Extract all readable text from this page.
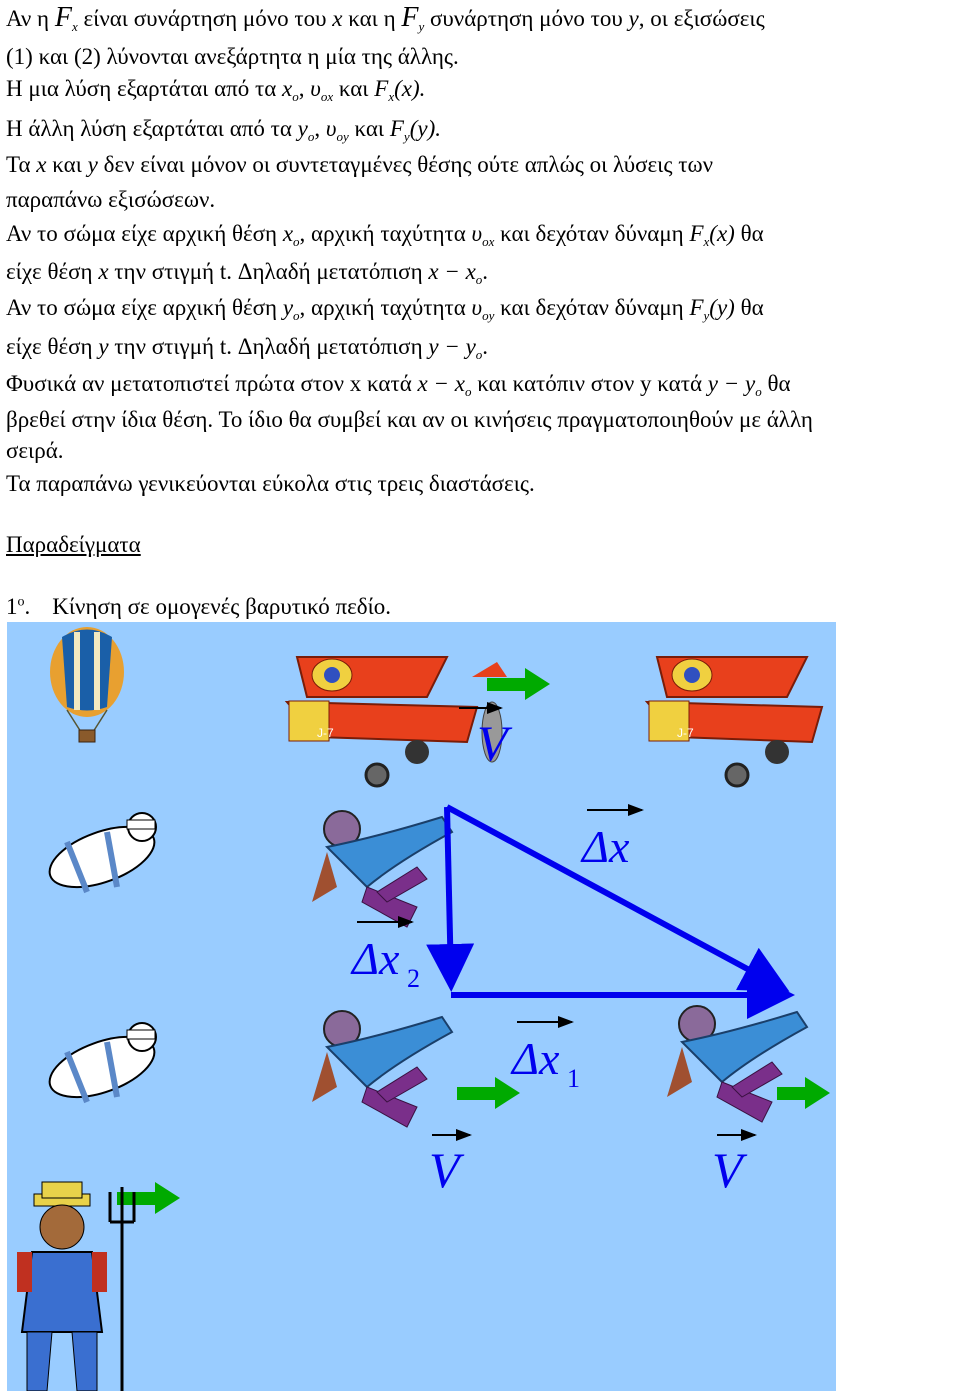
Αν η $F_x$ είναι συνάρτηση μόνο του x και η $F_y$ συνάρτηση μόνο του y, οι εξισώσεις
(1) και (2) λύνονται ανεξάρτητα η μία της άλλης.
Η μια λύση εξαρτάται από τα $x_o$, $\upsilon_{ox}$ και $F_x(x)$.
Η άλλη λύση εξαρτάται από τα $y_o$, $\upsilon_{oy}$ και $F_y(y)$.
Τα x και y δεν είναι μόνον οι συντεταγμένες θέσης ούτε απλώς οι λύσεις των
παραπάνω εξισώσεων.
Αν το σώμα είχε αρχική θέση $x_o$, αρχική ταχύτητα $\upsilon_{ox}$ και δεχόταν δύναμη $F_x(x)$ θα
είχε θέση x την στιγμή t. Δηλαδή μετατόπιση $x - x_o$.
Αν το σώμα είχε αρχική θέση $y_o$, αρχική ταχύτητα $\upsilon_{oy}$ και δεχόταν δύναμη $F_y(y)$ θα
είχε θέση y την στιγμή t. Δηλαδή μετατόπιση $y - y_o$.
Φυσικά αν μετατοπιστεί πρώτα στον x κατά $x - x_o$ και κατόπιν στον y κατά $y - y_o$ θα
βρεθεί στην ίδια θέση. Το ίδιο θα συμβεί και αν οι κινήσεις πραγματοποιηθούν με άλλη
σειρά.
Τα παραπάνω γενικεύονται εύκολα στις τρεις διαστάσεις.
Παραδείγματα
$1^o$. Κίνηση σε ομογενές βαρυτικό πεδίο.
J-7	J-7
V
Δx
Δx 2
Δx 1
V	V
